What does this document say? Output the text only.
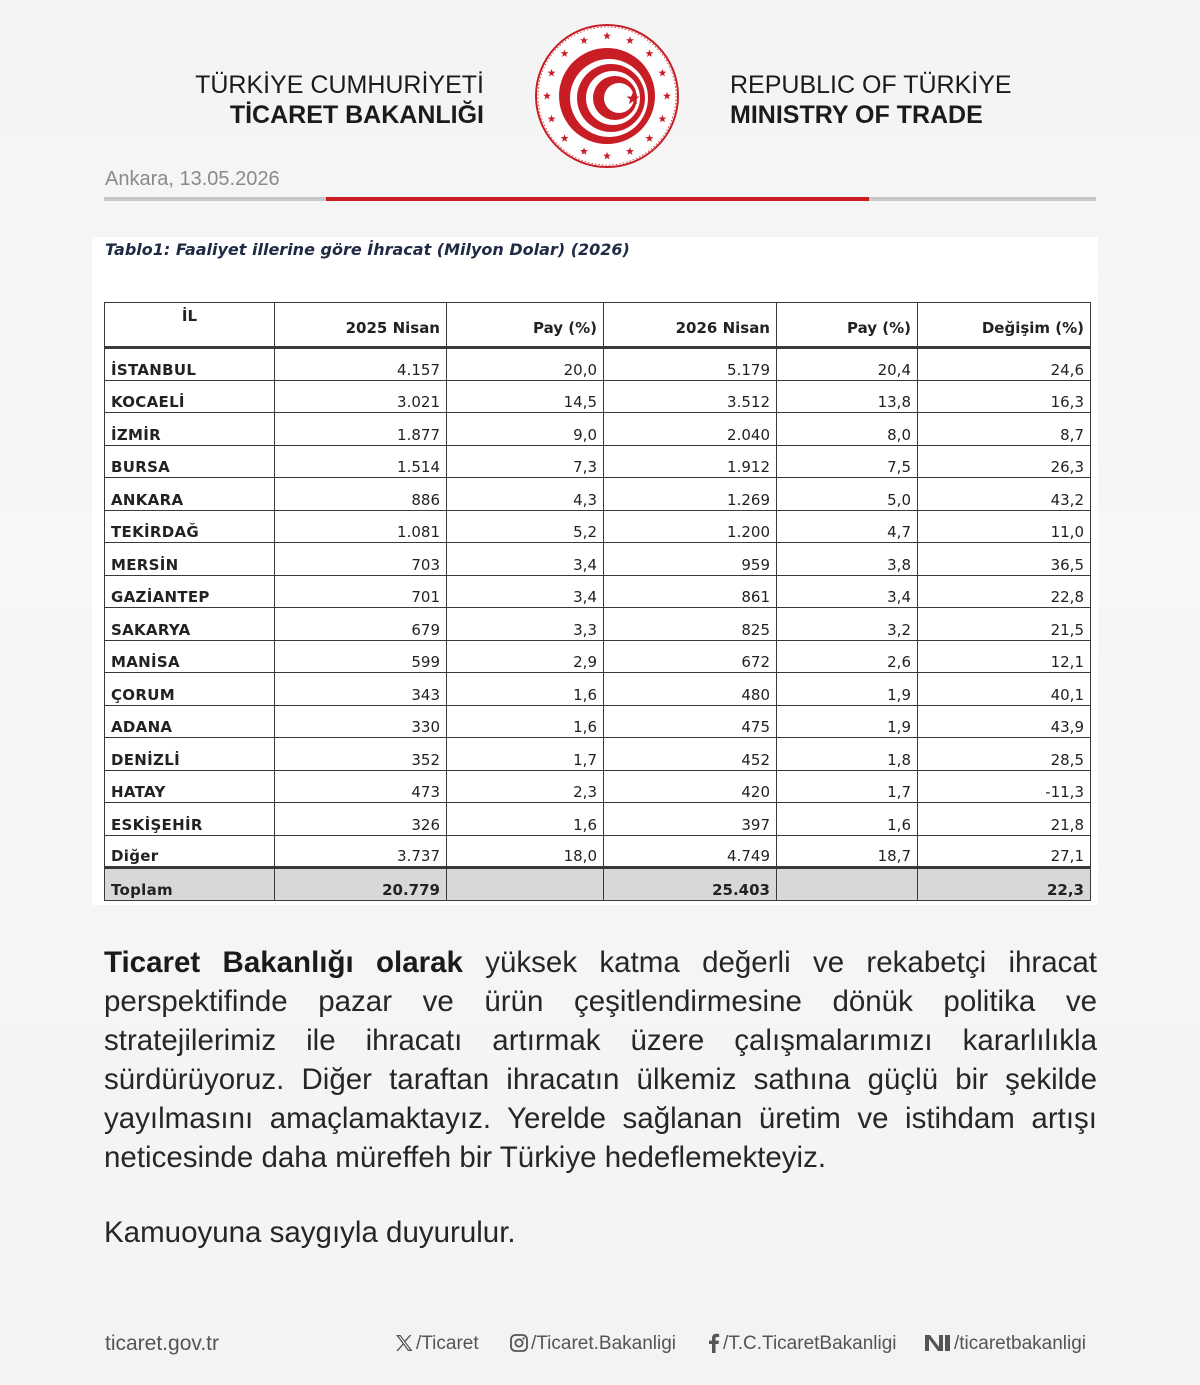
TÜRKİYE CUMHURİYETİ
TİCARET BAKANLIĞI
REPUBLIC OF TÜRKİYE
MINISTRY OF TRADE
Ankara, 13.05.2026
Tablo1: Faaliyet illerine göre İhracat (Milyon Dolar) (2026)
İL	2025 Nisan	Pay (%)	2026 Nisan	Pay (%)	Değişim (%)
İSTANBUL	4.157	20,0	5.179	20,4	24,6
KOCAELİ	3.021	14,5	3.512	13,8	16,3
İZMİR	1.877	9,0	2.040	8,0	8,7
BURSA	1.514	7,3	1.912	7,5	26,3
ANKARA	886	4,3	1.269	5,0	43,2
TEKİRDAĞ	1.081	5,2	1.200	4,7	11,0
MERSİN	703	3,4	959	3,8	36,5
GAZİANTEP	701	3,4	861	3,4	22,8
SAKARYA	679	3,3	825	3,2	21,5
MANİSA	599	2,9	672	2,6	12,1
ÇORUM	343	1,6	480	1,9	40,1
ADANA	330	1,6	475	1,9	43,9
DENİZLİ	352	1,7	452	1,8	28,5
HATAY	473	2,3	420	1,7	-11,3
ESKİŞEHİR	326	1,6	397	1,6	21,8
Diğer	3.737	18,0	4.749	18,7	27,1
Toplam	20.779		25.403		22,3

Ticaret Bakanlığı olarak yüksek katma değerli ve rekabetçi ihracat perspektifinde pazar ve ürün çeşitlendirmesine dönük politika ve stratejilerimiz ile ihracatı artırmak üzere çalışmalarımızı kararlılıkla sürdürüyoruz. Diğer taraftan ihracatın ülkemiz sathına güçlü bir şekilde yayılmasını amaçlamaktayız. Yerelde sağlanan üretim ve istihdam artışı neticesinde daha müreffeh bir Türkiye hedeflemekteyiz.

Kamuoyuna saygıyla duyurulur.
ticaret.gov.tr	/Ticaret	/Ticaret.Bakanligi	/T.C.TicaretBakanligi	/ticaretbakanligi
